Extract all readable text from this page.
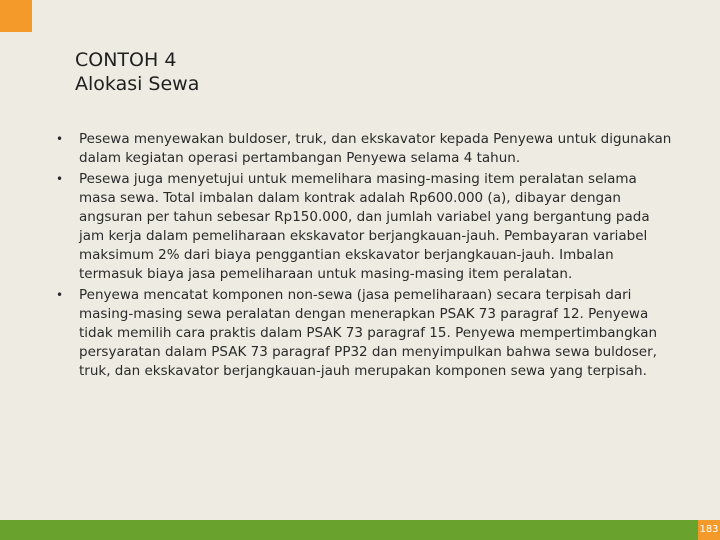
CONTOH 4
Alokasi Sewa
• Pesewa menyewakan buldoser, truk, dan ekskavator kepada Penyewa untuk digunakan dalam kegiatan operasi pertambangan Penyewa selama 4 tahun.
• Pesewa juga menyetujui untuk memelihara masing-masing item peralatan selama masa sewa. Total imbalan dalam kontrak adalah Rp600.000 (a), dibayar dengan angsuran per tahun sebesar Rp150.000, dan jumlah variabel yang bergantung pada jam kerja dalam pemeliharaan ekskavator berjangkauan-jauh. Pembayaran variabel maksimum 2% dari biaya penggantian ekskavator berjangkauan-jauh. Imbalan termasuk biaya jasa pemeliharaan untuk masing-masing item peralatan.
• Penyewa mencatat komponen non-sewa (jasa pemeliharaan) secara terpisah dari masing-masing sewa peralatan dengan menerapkan PSAK 73 paragraf 12. Penyewa tidak memilih cara praktis dalam PSAK 73 paragraf 15. Penyewa mempertimbangkan persyaratan dalam PSAK 73 paragraf PP32 dan menyimpulkan bahwa sewa buldoser, truk, dan ekskavator berjangkauan-jauh merupakan komponen sewa yang terpisah.
183
